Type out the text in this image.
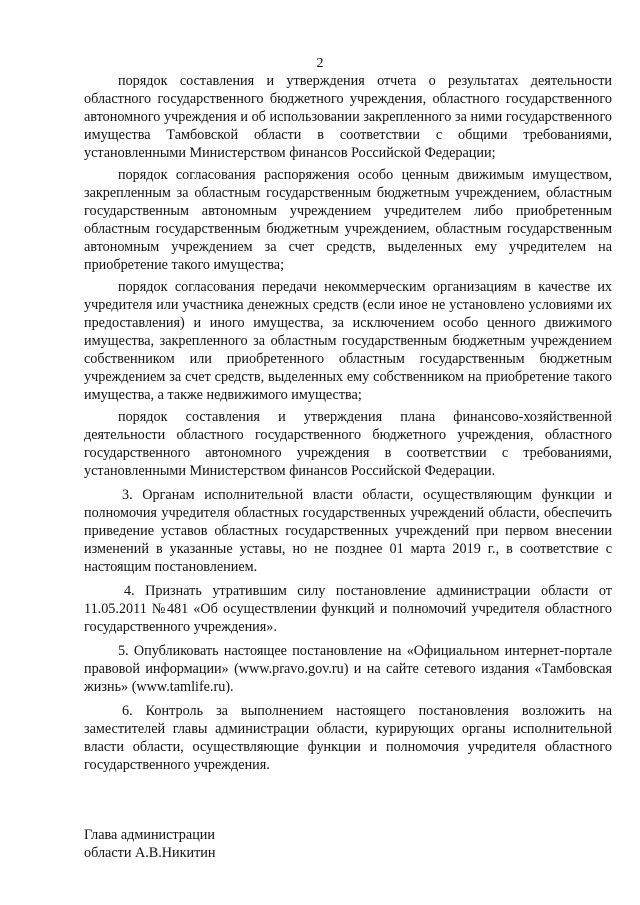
2

порядок составления и утверждения отчета о результатах деятельности областного государственного бюджетного учреждения, областного государственного автономного учреждения и об использовании закрепленного за ними государственного имущества Тамбовской области в соответствии с общими требованиями, установленными Министерством финансов Российской Федерации;

порядок согласования распоряжения особо ценным движимым имуществом, закрепленным за областным государственным бюджетным учреждением, областным государственным автономным учреждением учредителем либо приобретенным областным государственным бюджетным учреждением, областным государственным автономным учреждением за счет средств, выделенных ему учредителем на приобретение такого имущества;

порядок согласования передачи некоммерческим организациям в качестве их учредителя или участника денежных средств (если иное не установлено условиями их предоставления) и иного имущества, за исключением особо ценного движимого имущества, закрепленного за областным государственным бюджетным учреждением собственником или приобретенного областным государственным бюджетным учреждением за счет средств, выделенных ему собственником на приобретение такого имущества, а также недвижимого имущества;

порядок составления и утверждения плана финансово-хозяйственной деятельности областного государственного бюджетного учреждения, областного государственного автономного учреждения в соответствии с требованиями, установленными Министерством финансов Российской Федерации.

3. Органам исполнительной власти области, осуществляющим функции и полномочия учредителя областных государственных учреждений области, обеспечить приведение уставов областных государственных учреждений при первом внесении изменений в указанные уставы, но не позднее 01 марта 2019 г., в соответствие с настоящим постановлением.

4. Признать утратившим силу постановление администрации области от 11.05.2011 №481 «Об осуществлении функций и полномочий учредителя областного государственного учреждения».

5. Опубликовать настоящее постановление на «Официальном интернет-портале правовой информации» (www.pravo.gov.ru) и на сайте сетевого издания «Тамбовская жизнь» (www.tamlife.ru).

6. Контроль за выполнением настоящего постановления возложить на заместителей главы администрации области, курирующих органы исполнительной власти области, осуществляющие функции и полномочия учредителя областного государственного учреждения.

Глава администрации
области А.В.Никитин
